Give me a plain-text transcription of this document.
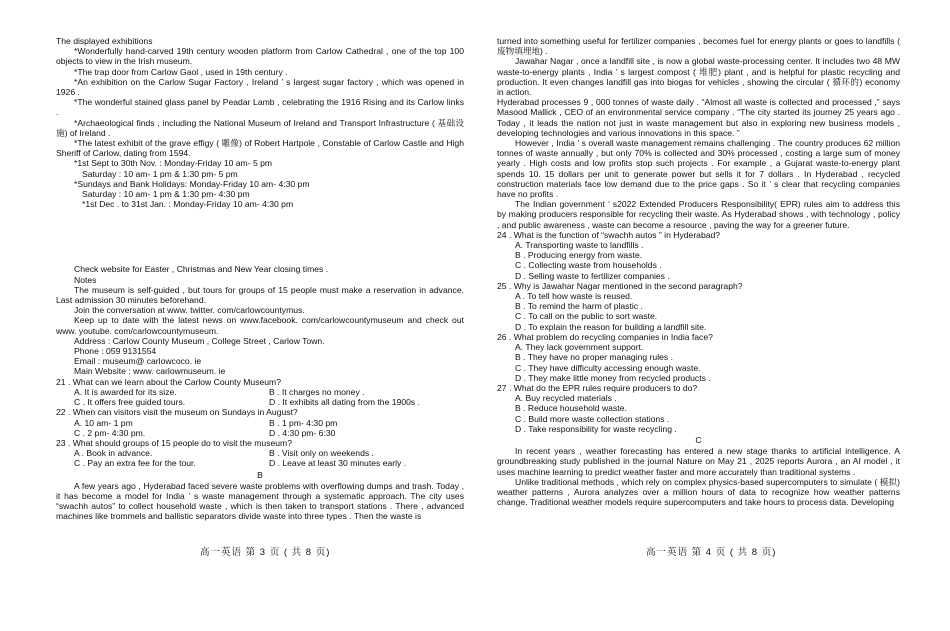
The displayed exhibitions

*Wonderfully hand-carved 19th century wooden platform from Carlow Cathedral , one of the top 100 objects to view in the Irish museum.

*The trap door from Carlow Gaol , used in 19th century .

*An exhibition on the Carlow Sugar Factory , Ireland ’ s largest sugar factory , which was opened in 1926 .

*The wonderful stained glass panel by Peadar Lamb , celebrating the 1916 Rising and its Carlow links .

*Archaeological finds , including the National Museum of Ireland and Transport Infrastructure ( 基础设施) of Ireland .

*The latest exhibit of the grave effigy ( 雕像) of Robert Hartpole , Constable of Carlow Castle and High Sheriff of Carlow, dating from 1594.

*1st Sept to 30th Nov. : Monday-Friday 10 am- 5 pm

Saturday : 10 am- 1 pm & 1:30 pm- 5 pm

*Sundays and Bank Holidays: Monday-Friday 10 am- 4:30 pm

Saturday : 10 am- 1 pm & 1:30 pm- 4:30 pm

*1st Dec . to 31st Jan. : Monday-Friday 10 am- 4:30 pm

Check website for Easter , Christmas and New Year closing times .

Notes

The museum is self-guided , but tours for groups of 15 people must make a reservation in advance. Last admission 30 minutes beforehand.

Join the conversation at www. twitter. com/carlowcountymus.

Keep up to date with the latest news on www.facebook. com/carlowcountymuseum and check out www. youtube. com/carlowcountymuseum.

Address : Carlow County Museum , College Street , Carlow Town.

Phone : 059 9131554

Email : museum@ carlowcoco. ie

Main Website : www. carlowmuseum. ie

21 . What can we learn about the Carlow County Museum?

A. It is awarded for its size.	B . It charges no money .
C . It offers free guided tours.	D . It exhibits all dating from the 1900s .

22 . When can visitors visit the museum on Sundays in August?

A. 10 am- 1 pm	B . 1 pm- 4:30 pm
C . 2 pm- 4:30 pm.	D . 4:30 pm- 6:30

23 . What should groups of 15 people do to visit the museum?

A . Book in advance.	B . Visit only on weekends .
C . Pay an extra fee for the tour.	D . Leave at least 30 minutes early .

B

A few years ago , Hyderabad faced severe waste problems with overflowing dumps and trash. Today , it has become a model for India ’ s waste management through a systematic approach. The city uses “swachh autos” to collect household waste , which is then taken to transport stations . There , advanced machines like trommels and ballistic separators divide waste into three types . Then the waste is

turned into something useful for fertilizer companies , becomes fuel for energy plants or goes to landfills ( 废物填埋地) .

Jawahar Nagar , once a landfill site , is now a global waste-processing center. It includes two 48 MW waste-to-energy plants , India ’ s largest compost ( 堆肥) plant , and is helpful for plastic recycling and production. It even changes landfill gas into biogas for vehicles , showing the circular ( 循环的) economy in action.

Hyderabad processes 9 , 000 tonnes of waste daily . “Almost all waste is collected and processed ,” says Masood Mallick , CEO of an environmental service company . “The city started its journey 25 years ago . Today , it leads the nation not just in waste management but also in exploring new business models , developing technologies and various innovations in this space. ”

However , India ’ s overall waste management remains challenging . The country produces 62 million tonnes of waste annually , but only 70% is collected and 30% processed , costing a large sum of money yearly . High costs and low profits stop such projects . For example , a Gujarat waste-to-energy plant spends 10. 15 dollars per unit to generate power but sells it for 7 dollars . In Hyderabad , recycled construction materials face low demand due to the price gaps . So it ’ s clear that recycling companies have no profits .

The Indian government ’ s2022 Extended Producers Responsibility( EPR) rules aim to address this by making producers responsible for recycling their waste. As Hyderabad shows , with technology , policy , and public awareness , waste can become a resource , paving the way for a greener future.

24 . What is the function of “swachh autos ” in Hyderabad?

A. Transporting waste to landfills .

B . Producing energy from waste.

C . Collecting waste from households .

D . Selling waste to fertilizer companies .

25 . Why is Jawahar Nagar mentioned in the second paragraph?

A . To tell how waste is reused.

B . To remind the harm of plastic .

C . To call on the public to sort waste.

D . To explain the reason for building a landfill site.

26 . What problem do recycling companies in India face?

A. They lack government support.

B . They have no proper managing rules .

C . They have difficulty accessing enough waste.

D . They make little money from recycled products .

27 . What do the EPR rules require producers to do?

A. Buy recycled materials .

B . Reduce household waste.

C . Build more waste collection stations .

D . Take responsibility for waste recycling .

C

In recent years , weather forecasting has entered a new stage thanks to artificial intelligence. A groundbreaking study published in the journal Nature on May 21 , 2025 reports Aurora , an AI model , it uses machine learning to predict weather faster and more accurately than traditional systems .

Unlike traditional methods , which rely on complex physics-based supercomputers to simulate ( 模拟) weather patterns , Aurora analyzes over a million hours of data to recognize how weather patterns change. Traditional weather models require supercomputers and take hours to process data. Developing

高一英语 第 3 页 ( 共 8 页)	高一英语 第 4 页 ( 共 8 页)
